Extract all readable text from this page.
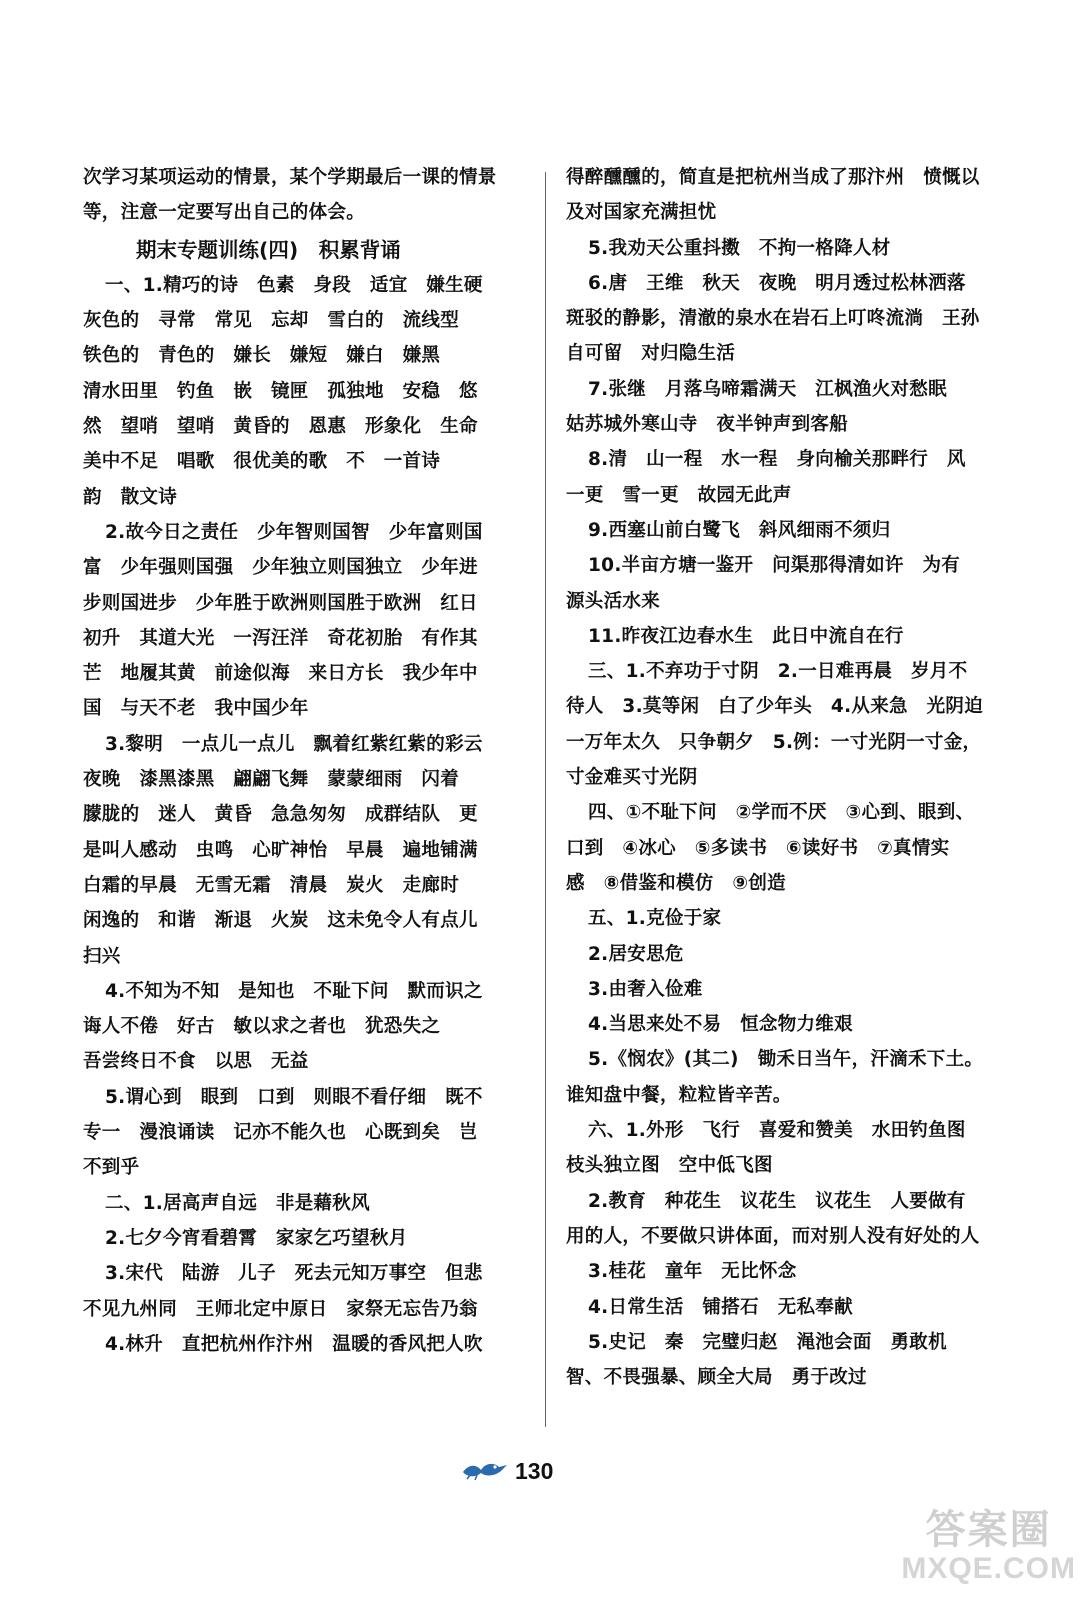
次学习某项运动的情景，某个学期最后一课的情景
等，注意一定要写出自己的体会。
期末专题训练(四)　积累背诵
一、1.精巧的诗　色素　身段　适宜　嫌生硬
灰色的　寻常　常见　忘却　雪白的　流线型
铁色的　青色的　嫌长　嫌短　嫌白　嫌黑
清水田里　钓鱼　嵌　镜匣　孤独地　安稳　悠
然　望哨　望哨　黄昏的　恩惠　形象化　生命
美中不足　唱歌　很优美的歌　不　一首诗
韵　散文诗
2.故今日之责任　少年智则国智　少年富则国
富　少年强则国强　少年独立则国独立　少年进
步则国进步　少年胜于欧洲则国胜于欧洲　红日
初升　其道大光　一泻汪洋　奇花初胎　有作其
芒　地履其黄　前途似海　来日方长　我少年中
国　与天不老　我中国少年
3.黎明　一点儿一点儿　飘着红紫红紫的彩云
夜晚　漆黑漆黑　翩翩飞舞　蒙蒙细雨　闪着
朦胧的　迷人　黄昏　急急匆匆　成群结队　更
是叫人感动　虫鸣　心旷神怡　早晨　遍地铺满
白霜的早晨　无雪无霜　清晨　炭火　走廊时
闲逸的　和谐　渐退　火炭　这未免令人有点儿
扫兴
4.不知为不知　是知也　不耻下问　默而识之
诲人不倦　好古　敏以求之者也　犹恐失之
吾尝终日不食　以思　无益
5.谓心到　眼到　口到　则眼不看仔细　既不
专一　漫浪诵读　记亦不能久也　心既到矣　岂
不到乎
二、1.居高声自远　非是藉秋风
2.七夕今宵看碧霄　家家乞巧望秋月
3.宋代　陆游　儿子　死去元知万事空　但悲
不见九州同　王师北定中原日　家祭无忘告乃翁
4.林升　直把杭州作汴州　温暖的香风把人吹
得醉醺醺的，简直是把杭州当成了那汴州　愤慨以
及对国家充满担忧
5.我劝天公重抖擞　不拘一格降人材
6.唐　王维　秋天　夜晚　明月透过松林洒落
斑驳的静影，清澈的泉水在岩石上叮咚流淌　王孙
自可留　对归隐生活
7.张继　月落乌啼霜满天　江枫渔火对愁眠
姑苏城外寒山寺　夜半钟声到客船
8.清　山一程　水一程　身向榆关那畔行　风
一更　雪一更　故园无此声
9.西塞山前白鹭飞　斜风细雨不须归
10.半亩方塘一鉴开　问渠那得清如许　为有
源头活水来
11.昨夜江边春水生　此日中流自在行
三、1.不弃功于寸阴　2.一日难再晨　岁月不
待人　3.莫等闲　白了少年头　4.从来急　光阴迫
一万年太久　只争朝夕　5.例：一寸光阴一寸金，
寸金难买寸光阴
四、①不耻下问　②学而不厌　③心到、眼到、
口到　④冰心　⑤多读书　⑥读好书　⑦真情实
感　⑧借鉴和模仿　⑨创造
五、1.克俭于家
2.居安思危
3.由奢入俭难
4.当思来处不易　恒念物力维艰
5.《悯农》(其二)　锄禾日当午，汗滴禾下土。
谁知盘中餐，粒粒皆辛苦。
六、1.外形　飞行　喜爱和赞美　水田钓鱼图
枝头独立图　空中低飞图
2.教育　种花生　议花生　议花生　人要做有
用的人，不要做只讲体面，而对别人没有好处的人
3.桂花　童年　无比怀念
4.日常生活　铺搭石　无私奉献
5.史记　秦　完璧归赵　渑池会面　勇敢机
智、不畏强暴、顾全大局　勇于改过
130
答案圈
MXQE.COM
